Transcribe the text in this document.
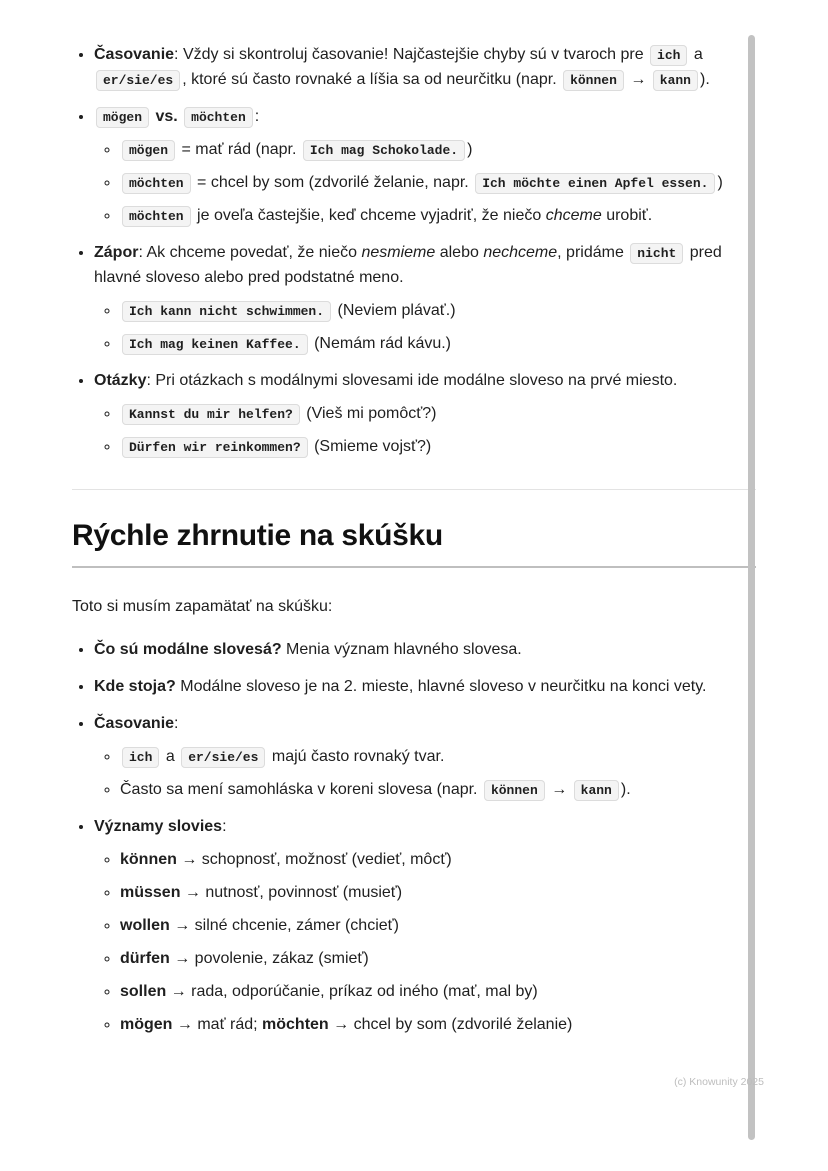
• Časovanie: Vždy si skontroluj časovanie! Najčastejšie chyby sú v tvaroch pre ich a er/sie/es , ktoré sú často rovnaké a líšia sa od neurčitku (napr. können → kann ).
• mögen vs. möchten :
◦ mögen = mať rád (napr. Ich mag Schokolade. )
◦ möchten = chcel by som (zdvorilé želanie, napr. Ich möchte einen Apfel essen. )
◦ möchten je oveľa častejšie, keď chceme vyjadriť, že niečo chceme urobiť.
• Zápor: Ak chceme povedať, že niečo nesmieme alebo nechceme, pridáme nicht pred hlavné sloveso alebo pred podstatné meno.
◦ Ich kann nicht schwimmen. (Neviem plávať.)
◦ Ich mag keinen Kaffee. (Nemám rád kávu.)
• Otázky: Pri otázkach s modálnymi slovesami ide modálne sloveso na prvé miesto.
◦ Kannst du mir helfen? (Vieš mi pomôcť?)
◦ Dürfen wir reinkommen? (Smieme vojsť?)
Rýchle zhrnutie na skúšku

Toto si musím zapamätať na skúšku:

• Čo sú modálne slovesá? Menia význam hlavného slovesa.
• Kde stoja? Modálne sloveso je na 2. mieste, hlavné sloveso v neurčitku na konci vety.
• Časovanie:
◦ ich a er/sie/es majú často rovnaký tvar.
◦ Často sa mení samohláska v koreni slovesa (napr. können → kann ).
• Významy slovies:
◦ können → schopnosť, možnosť (vedieť, môcť)
◦ müssen → nutnosť, povinnosť (musieť)
◦ wollen → silné chcenie, zámer (chcieť)
◦ dürfen → povolenie, zákaz (smieť)
◦ sollen → rada, odporúčanie, príkaz od iného (mať, mal by)
◦ mögen → mať rád; möchten → chcel by som (zdvorilé želanie)
(c) Knowunity 2025
